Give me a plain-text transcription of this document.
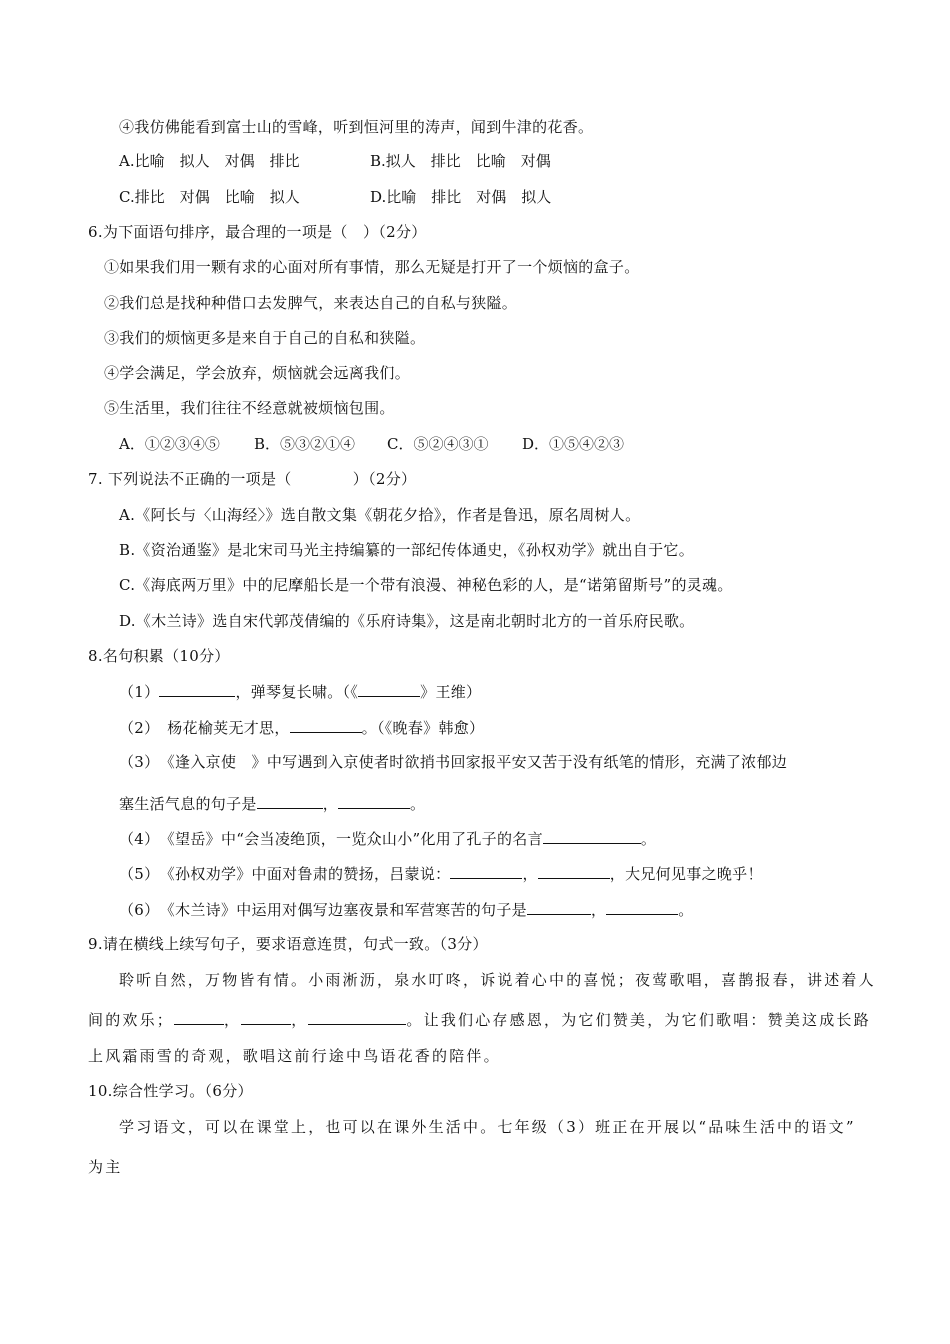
④我仿佛能看到富士山的雪峰，听到恒河里的涛声，闻到牛津的花香。
A.比喻　拟人　对偶　排比	B.拟人　排比　比喻　对偶
C.排比　对偶　比喻　拟人	D.比喻　排比　对偶　拟人
6.为下面语句排序，最合理的一项是（　）（2分）
①如果我们用一颗有求的心面对所有事情，那么无疑是打开了一个烦恼的盒子。
②我们总是找种种借口去发脾气，来表达自己的自私与狭隘。
③我们的烦恼更多是来自于自己的自私和狭隘。
④学会满足，学会放弃，烦恼就会远离我们。
⑤生活里，我们往往不经意就被烦恼包围。
A．①②③④⑤ B．⑤③②①④ C．⑤②④③① D．①⑤④②③
7. 下列说法不正确的一项是（　　　　）（2分）
A.《阿长与〈山海经〉》选自散文集《朝花夕拾》，作者是鲁迅，原名周树人。
B.《资治通鉴》是北宋司马光主持编纂的一部纪传体通史，《孙权劝学》就出自于它。
C.《海底两万里》中的尼摩船长是一个带有浪漫、神秘色彩的人，是“诺第留斯号”的灵魂。
D.《木兰诗》选自宋代郭茂倩编的《乐府诗集》，这是南北朝时北方的一首乐府民歌。
8.名句积累（10分）
（1）	，弹琴复长啸。（《	》王维）
（2）　杨花榆荚无才思，	。（《晚春》韩愈）
（3）　《逢入京使　》中写遇到入京使者时欲捎书回家报平安又苦于没有纸笔的情形，充满了浓郁边
塞生活气息的句子是	，	。
（4）　《望岳》中“会当凌绝顶，一览众山小”化用了孔子的名言	。
（5）　《孙权劝学》中面对鲁肃的赞扬，吕蒙说：	，	，大兄何见事之晚乎！
（6）　《木兰诗》中运用对偶写边塞夜景和军营寒苦的句子是	，	。
9.请在横线上续写句子，要求语意连贯，句式一致。（3分）
聆听自然，万物皆有情。小雨淅沥，泉水叮咚，诉说着心中的喜悦；夜莺歌唱，喜鹊报春，讲述着人
间的欢乐；	，	，	。让我们心存感恩，为它们赞美，为它们歌唱：赞美这成长路
上风霜雨雪的奇观，歌唱这前行途中鸟语花香的陪伴。
10.综合性学习。（6分）
学习语文，可以在课堂上，也可以在课外生活中。七年级（3）班正在开展以“品味生活中的语文”
为主
